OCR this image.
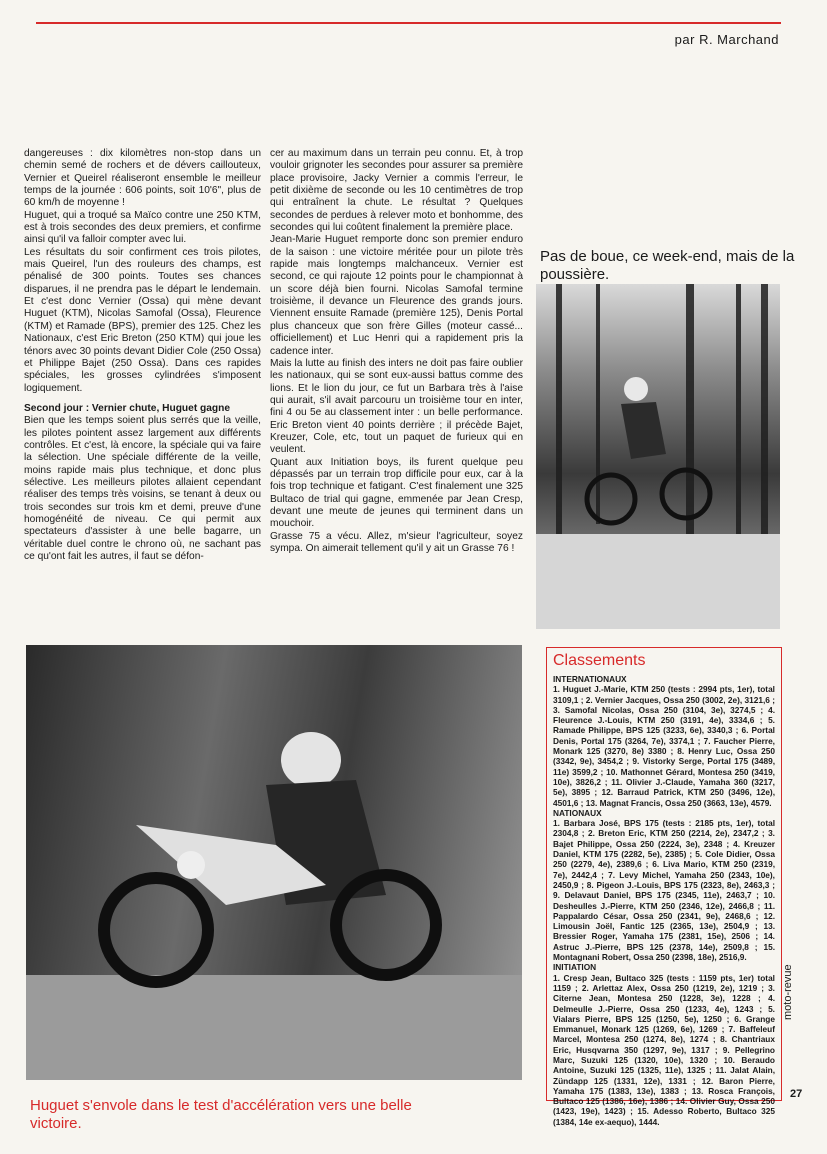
par R. Marchand

dangereuses : dix kilomètres non-stop dans un chemin semé de rochers et de dévers caillouteux, Vernier et Queirel réaliseront ensemble le meilleur temps de la journée : 606 points, soit 10'6", plus de 60 km/h de moyenne !

Huguet, qui a troqué sa Maïco contre une 250 KTM, est à trois secondes des deux premiers, et confirme ainsi qu'il va falloir compter avec lui.

Les résultats du soir confirment ces trois pilotes, mais Queirel, l'un des rouleurs des champs, est pénalisé de 300 points. Toutes ses chances disparues, il ne prendra pas le départ le lendemain. Et c'est donc Vernier (Ossa) qui mène devant Huguet (KTM), Nicolas Samofal (Ossa), Fleurence (KTM) et Ramade (BPS), premier des 125. Chez les Nationaux, c'est Eric Breton (250 KTM) qui joue les ténors avec 30 points devant Didier Cole (250 Ossa) et Philippe Bajet (250 Ossa). Dans ces rapides spéciales, les grosses cylindrées s'imposent logiquement.

Second jour : Vernier chute, Huguet gagne

Bien que les temps soient plus serrés que la veille, les pilotes pointent assez largement aux différents contrôles. Et c'est, là encore, la spéciale qui va faire la sélection. Une spéciale différente de la veille, moins rapide mais plus technique, et donc plus sélective. Les meilleurs pilotes allaient cependant réaliser des temps très voisins, se tenant à deux ou trois secondes sur trois km et demi, preuve d'une homogénéité de niveau. Ce qui permit aux spectateurs d'assister à une belle bagarre, un véritable duel contre le chrono où, ne sachant pas ce qu'ont fait les autres, il faut se défon-

cer au maximum dans un terrain peu connu. Et, à trop vouloir grignoter les secondes pour assurer sa première place provisoire, Jacky Vernier a commis l'erreur, le petit dixième de seconde ou les 10 centimètres de trop qui entraînent la chute. Le résultat ? Quelques secondes de perdues à relever moto et bonhomme, des secondes qui lui coûtent finalement la première place.

Jean-Marie Huguet remporte donc son premier enduro de la saison : une victoire méritée pour un pilote très rapide mais longtemps malchanceux. Vernier est second, ce qui rajoute 12 points pour le championnat à un score déjà bien fourni. Nicolas Samofal termine troisième, il devance un Fleurence des grands jours. Viennent ensuite Ramade (première 125), Denis Portal plus chanceux que son frère Gilles (moteur cassé... officiellement) et Luc Henri qui a rapidement pris la cadence inter.

Mais la lutte au finish des inters ne doit pas faire oublier les nationaux, qui se sont eux-aussi battus comme des lions. Et le lion du jour, ce fut un Barbara très à l'aise qui aurait, s'il avait parcouru un troisième tour en inter, fini 4 ou 5e au classement inter : un belle performance. Eric Breton vient 40 points derrière ; il précède Bajet, Kreuzer, Cole, etc, tout un paquet de furieux qui en veulent.

Quant aux Initiation boys, ils furent quelque peu dépassés par un terrain trop difficile pour eux, car à la fois trop technique et fatigant. C'est finalement une 325 Bultaco de trial qui gagne, emmenée par Jean Cresp, devant une meute de jeunes qui terminent dans un mouchoir.

Grasse 75 a vécu. Allez, m'sieur l'agriculteur, soyez sympa. On aimerait tellement qu'il y ait un Grasse 76 !

Pas de boue, ce week-end, mais de la poussière.
Huguet s'envole dans le test d'accélération vers une belle victoire.
Classements

INTERNATIONAUX

1. Huguet J.-Marie, KTM 250 (tests : 2994 pts, 1er), total 3109,1 ; 2. Vernier Jacques, Ossa 250 (3002, 2e), 3121,6 ; 3. Samofal Nicolas, Ossa 250 (3104, 3e), 3274,5 ; 4. Fleurence J.-Louis, KTM 250 (3191, 4e), 3334,6 ; 5. Ramade Philippe, BPS 125 (3233, 6e), 3340,3 ; 6. Portal Denis, Portal 175 (3264, 7e), 3374,1 ; 7. Faucher Pierre, Monark 125 (3270, 8e) 3380 ; 8. Henry Luc, Ossa 250 (3342, 9e), 3454,2 ; 9. Vistorky Serge, Portal 175 (3489, 11e) 3599,2 ; 10. Mathonnet Gérard, Montesa 250 (3419, 10e), 3826,2 ; 11. Olivier J.-Claude, Yamaha 360 (3217, 5e), 3895 ; 12. Barraud Patrick, KTM 250 (3496, 12e), 4501,6 ; 13. Magnat Francis, Ossa 250 (3663, 13e), 4579.

NATIONAUX

1. Barbara José, BPS 175 (tests : 2185 pts, 1er), total 2304,8 ; 2. Breton Eric, KTM 250 (2214, 2e), 2347,2 ; 3. Bajet Philippe, Ossa 250 (2224, 3e), 2348 ; 4. Kreuzer Daniel, KTM 175 (2282, 5e), 2385) ; 5. Cole Didier, Ossa 250 (2279, 4e), 2389,6 ; 6. Liva Mario, KTM 250 (2319, 7e), 2442,4 ; 7. Levy Michel, Yamaha 250 (2343, 10e), 2450,9 ; 8. Pigeon J.-Louis, BPS 175 (2323, 8e), 2463,3 ; 9. Delavaut Daniel, BPS 175 (2345, 11e), 2463,7 ; 10. Desheulles J.-Pierre, KTM 250 (2346, 12e), 2466,8 ; 11. Pappalardo César, Ossa 250 (2341, 9e), 2468,6 ; 12. Limousin Joël, Fantic 125 (2365, 13e), 2504,9 ; 13. Bressier Roger, Yamaha 175 (2381, 15e), 2506 ; 14. Astruc J.-Pierre, BPS 125 (2378, 14e), 2509,8 ; 15. Montagnani Robert, Ossa 250 (2398, 18e), 2516,9.

INITIATION

1. Cresp Jean, Bultaco 325 (tests : 1159 pts, 1er) total 1159 ; 2. Arlettaz Alex, Ossa 250 (1219, 2e), 1219 ; 3. Citerne Jean, Montesa 250 (1228, 3e), 1228 ; 4. Delmeulle J.-Pierre, Ossa 250 (1233, 4e), 1243 ; 5. Vialars Pierre, BPS 125 (1250, 5e), 1250 ; 6. Grange Emmanuel, Monark 125 (1269, 6e), 1269 ; 7. Baffeleuf Marcel, Montesa 250 (1274, 8e), 1274 ; 8. Chantriaux Eric, Husqvarna 350 (1297, 9e), 1317 ; 9. Pellegrino Marc, Suzuki 125 (1320, 10e), 1320 ; 10. Beraudo Antoine, Suzuki 125 (1325, 11e), 1325 ; 11. Jalat Alain, Zündapp 125 (1331, 12e), 1331 ; 12. Baron Pierre, Yamaha 175 (1383, 13e), 1383 ; 13. Rosca François, Bultaco 125 (1386, 16e), 1386 ; 14. Olivier Guy, Ossa 250 (1423, 19e), 1423) ; 15. Adesso Roberto, Bultaco 325 (1384, 14e ex-aequo), 1444.

moto-revue
27
